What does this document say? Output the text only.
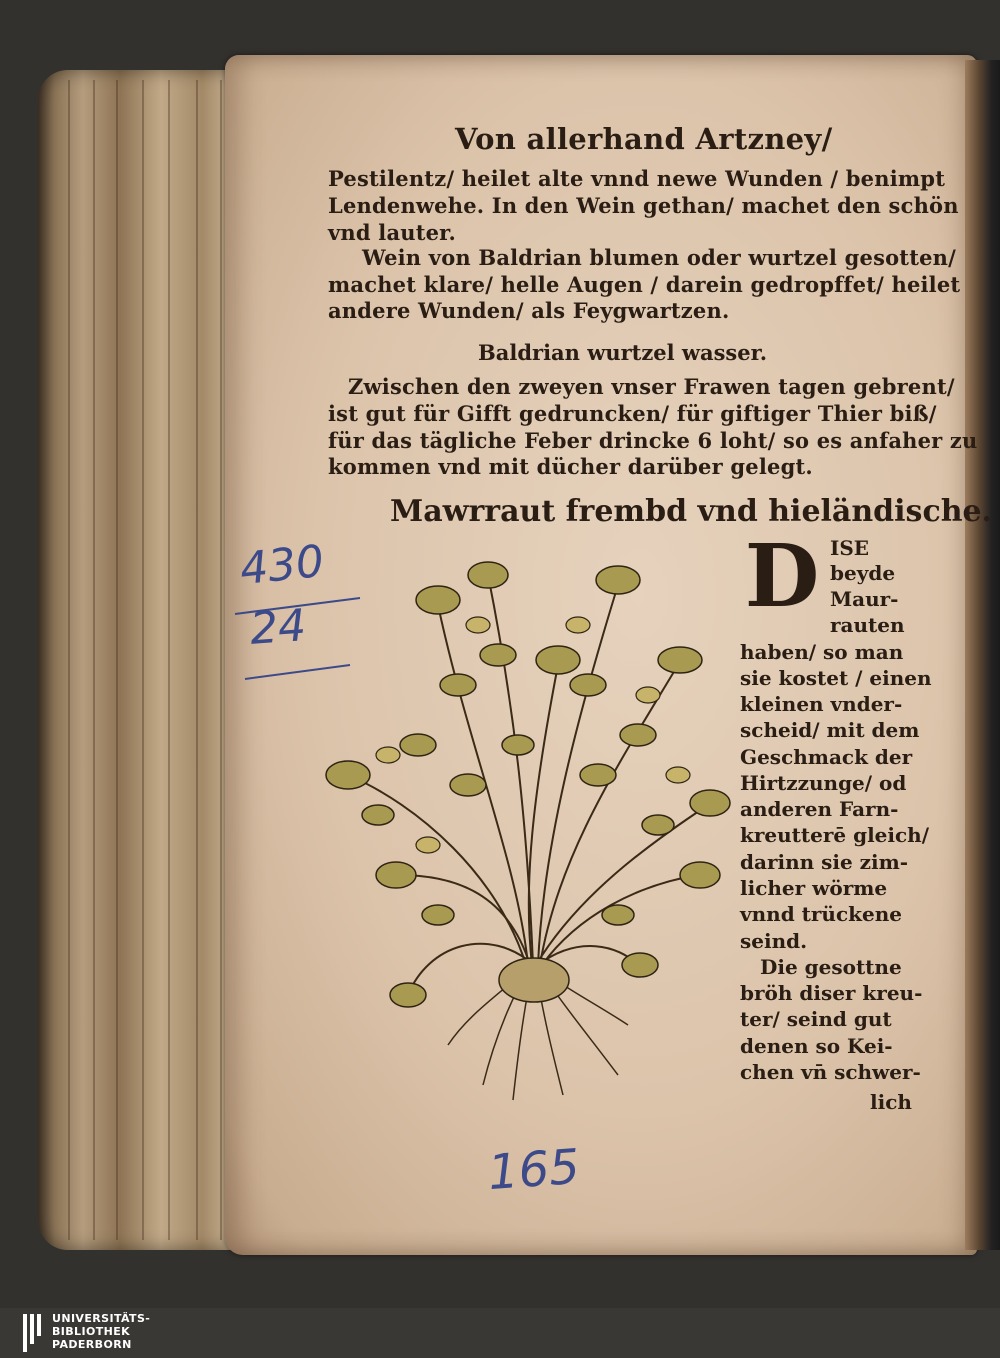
Von allerhand Artzney/
Pestilentz/ heilet alte vnnd newe Wunden / benimpt
Lendenwehe. In den Wein gethan/ machet den schön
vnd lauter.
Wein von Baldrian blumen oder wurtzel gesotten/
machet klare/ helle Augen / darein gedropffet/ heilet
andere Wunden/ als Feygwartzen.
Baldrian wurtzel wasser.
Zwischen den zweyen vnser Frawen tagen gebrent/
ist gut für Gifft gedruncken/ für giftiger Thier biß/
für das tägliche Feber drincke 6 loht/ so es anfaher zu
kommen vnd mit dücher darüber gelegt.
Mawrraut frembd vnd hieländische.
D ISE
beyde
Maur-
rauten
haben/ so man
sie kostet / einen
kleinen vnder-
scheid/ mit dem
Geschmack der
Hirtzzunge/ od
anderen Farn-
kreutterē gleich/
darinn sie zim-
licher wörme
vnnd trückene
seind.
Die gesottne
bröh diser kreu-
ter/ seind gut
denen so Kei-
chen vn̄ schwer-
lich
430
24
165
UNIVERSITÄTS-
BIBLIOTHEK
PADERBORN
